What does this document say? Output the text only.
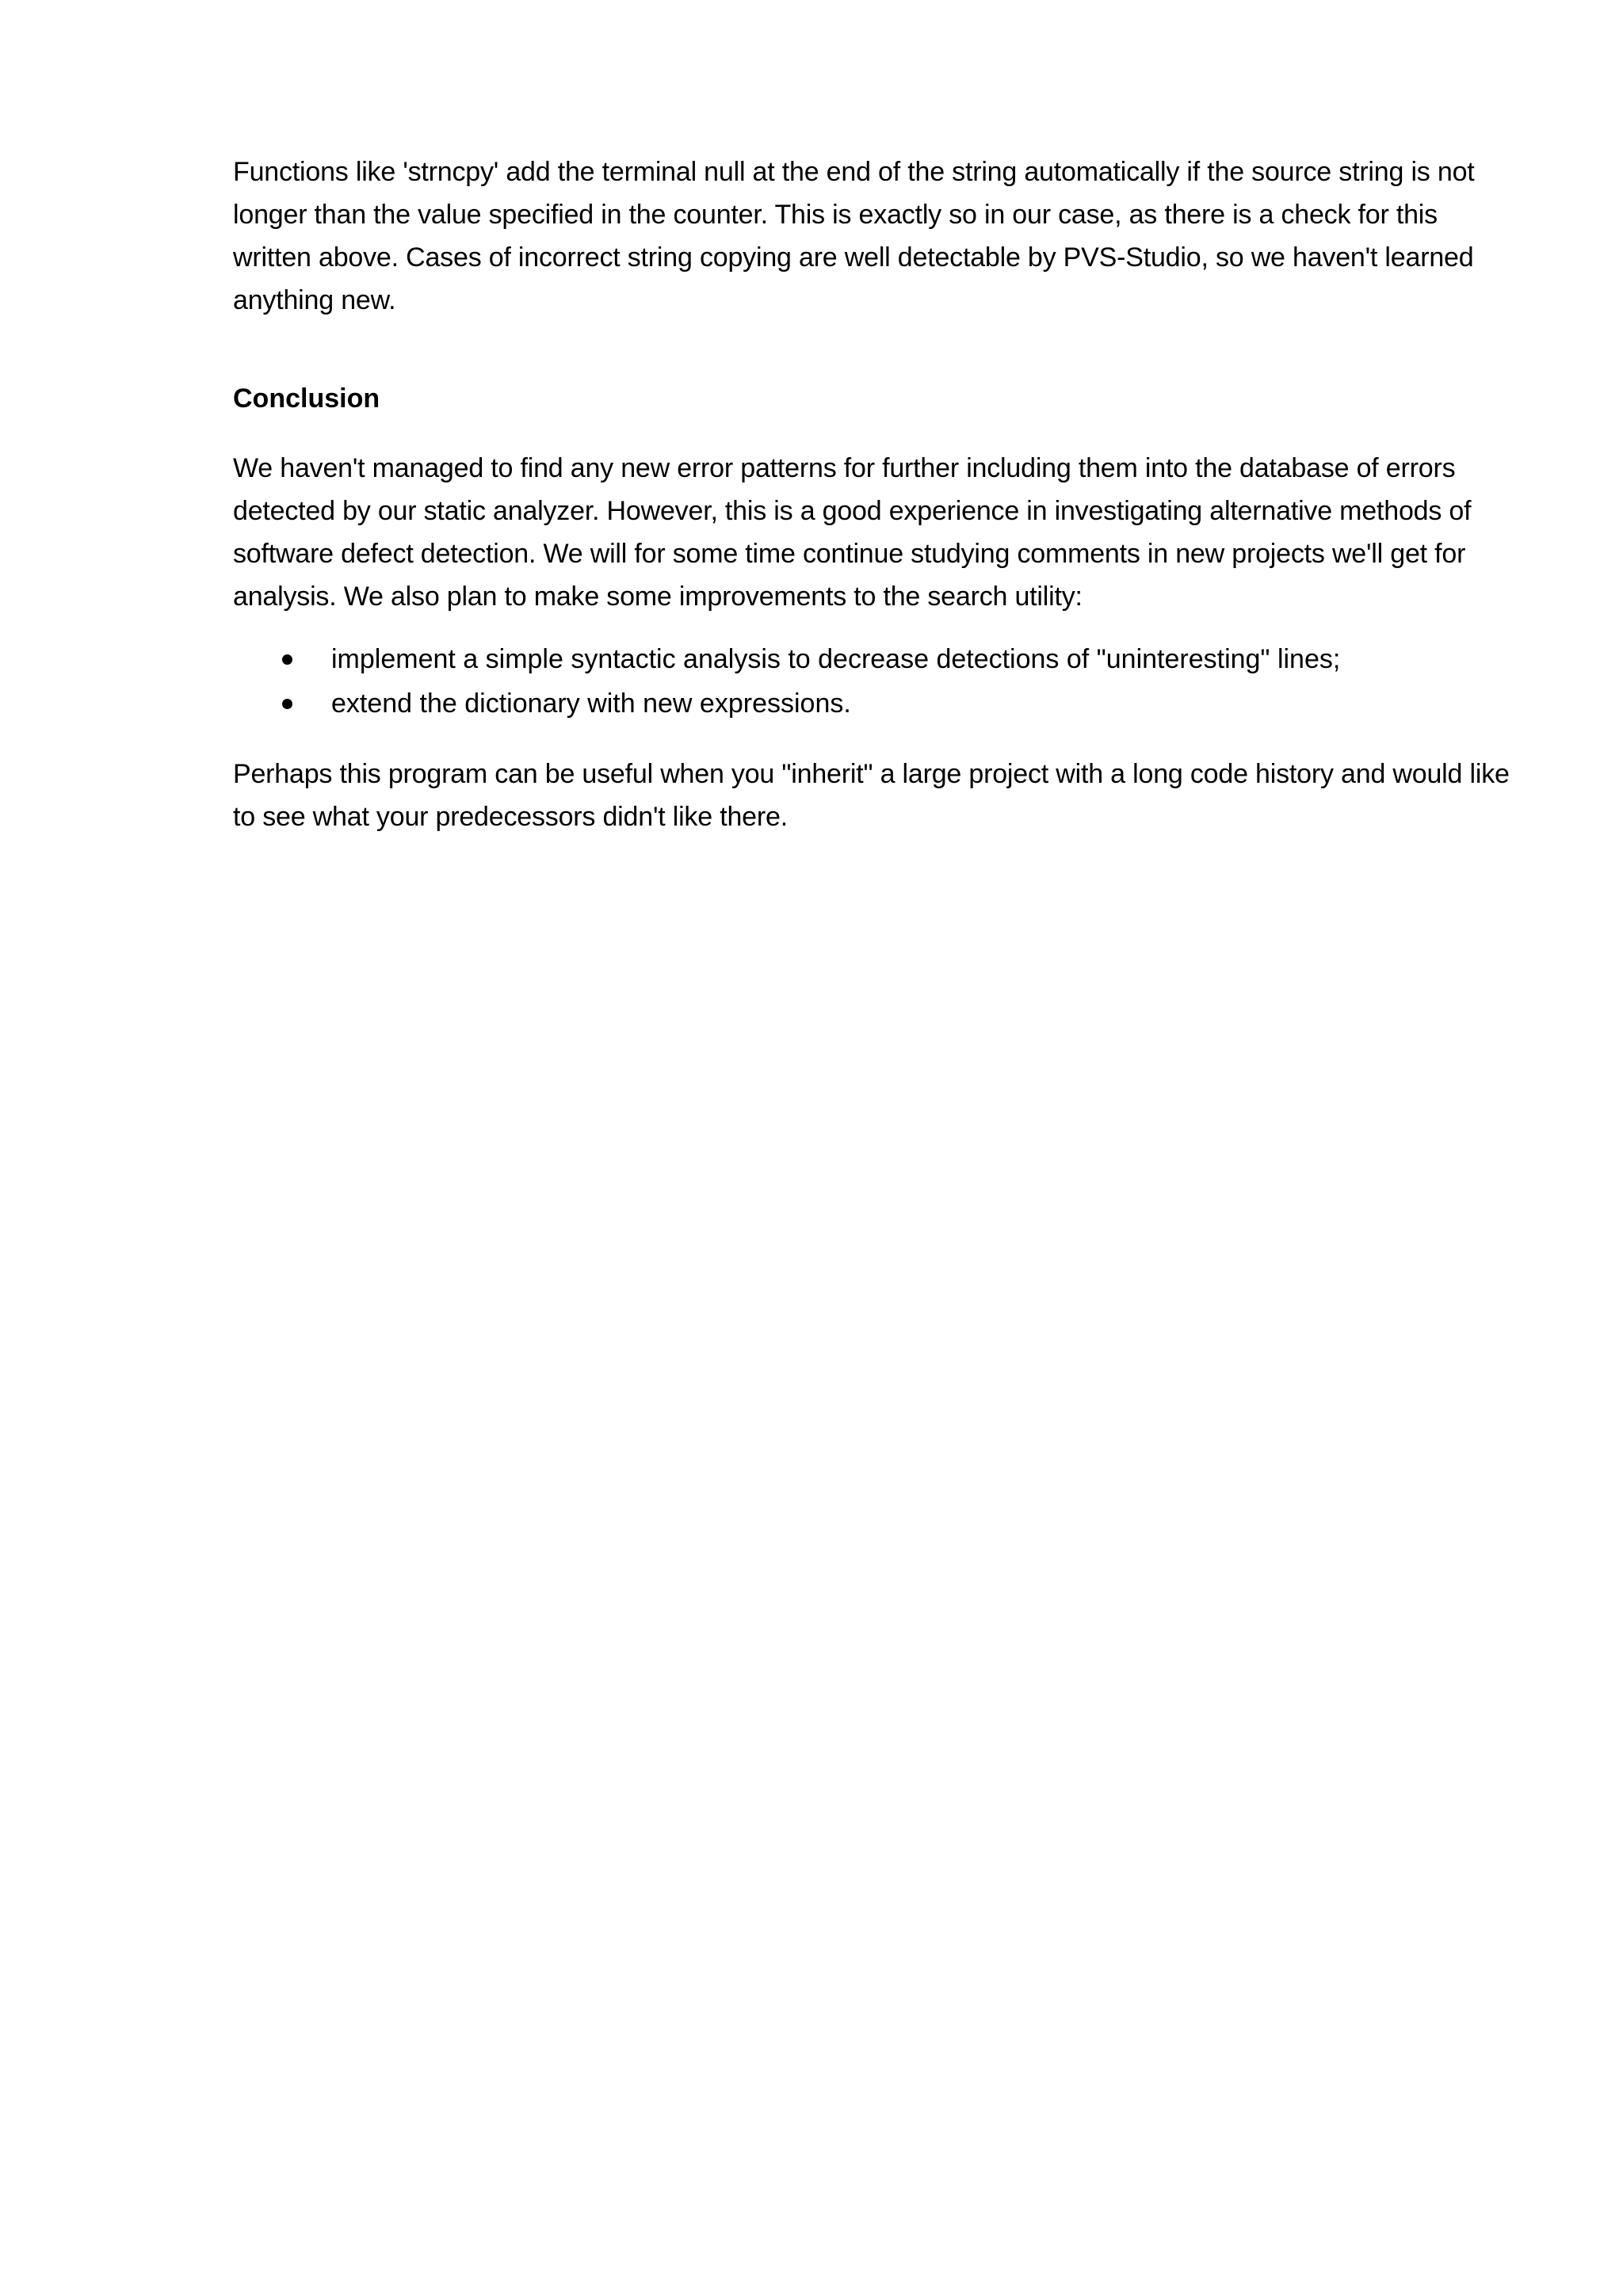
Functions like 'strncpy' add the terminal null at the end of the string automatically if the source string is not longer than the value specified in the counter. This is exactly so in our case, as there is a check for this written above. Cases of incorrect string copying are well detectable by PVS-Studio, so we haven't learned anything new.

Conclusion

We haven't managed to find any new error patterns for further including them into the database of errors detected by our static analyzer. However, this is a good experience in investigating alternative methods of software defect detection. We will for some time continue studying comments in new projects we'll get for analysis. We also plan to make some improvements to the search utility:

implement a simple syntactic analysis to decrease detections of "uninteresting" lines;
extend the dictionary with new expressions.

Perhaps this program can be useful when you "inherit" a large project with a long code history and would like to see what your predecessors didn't like there.
